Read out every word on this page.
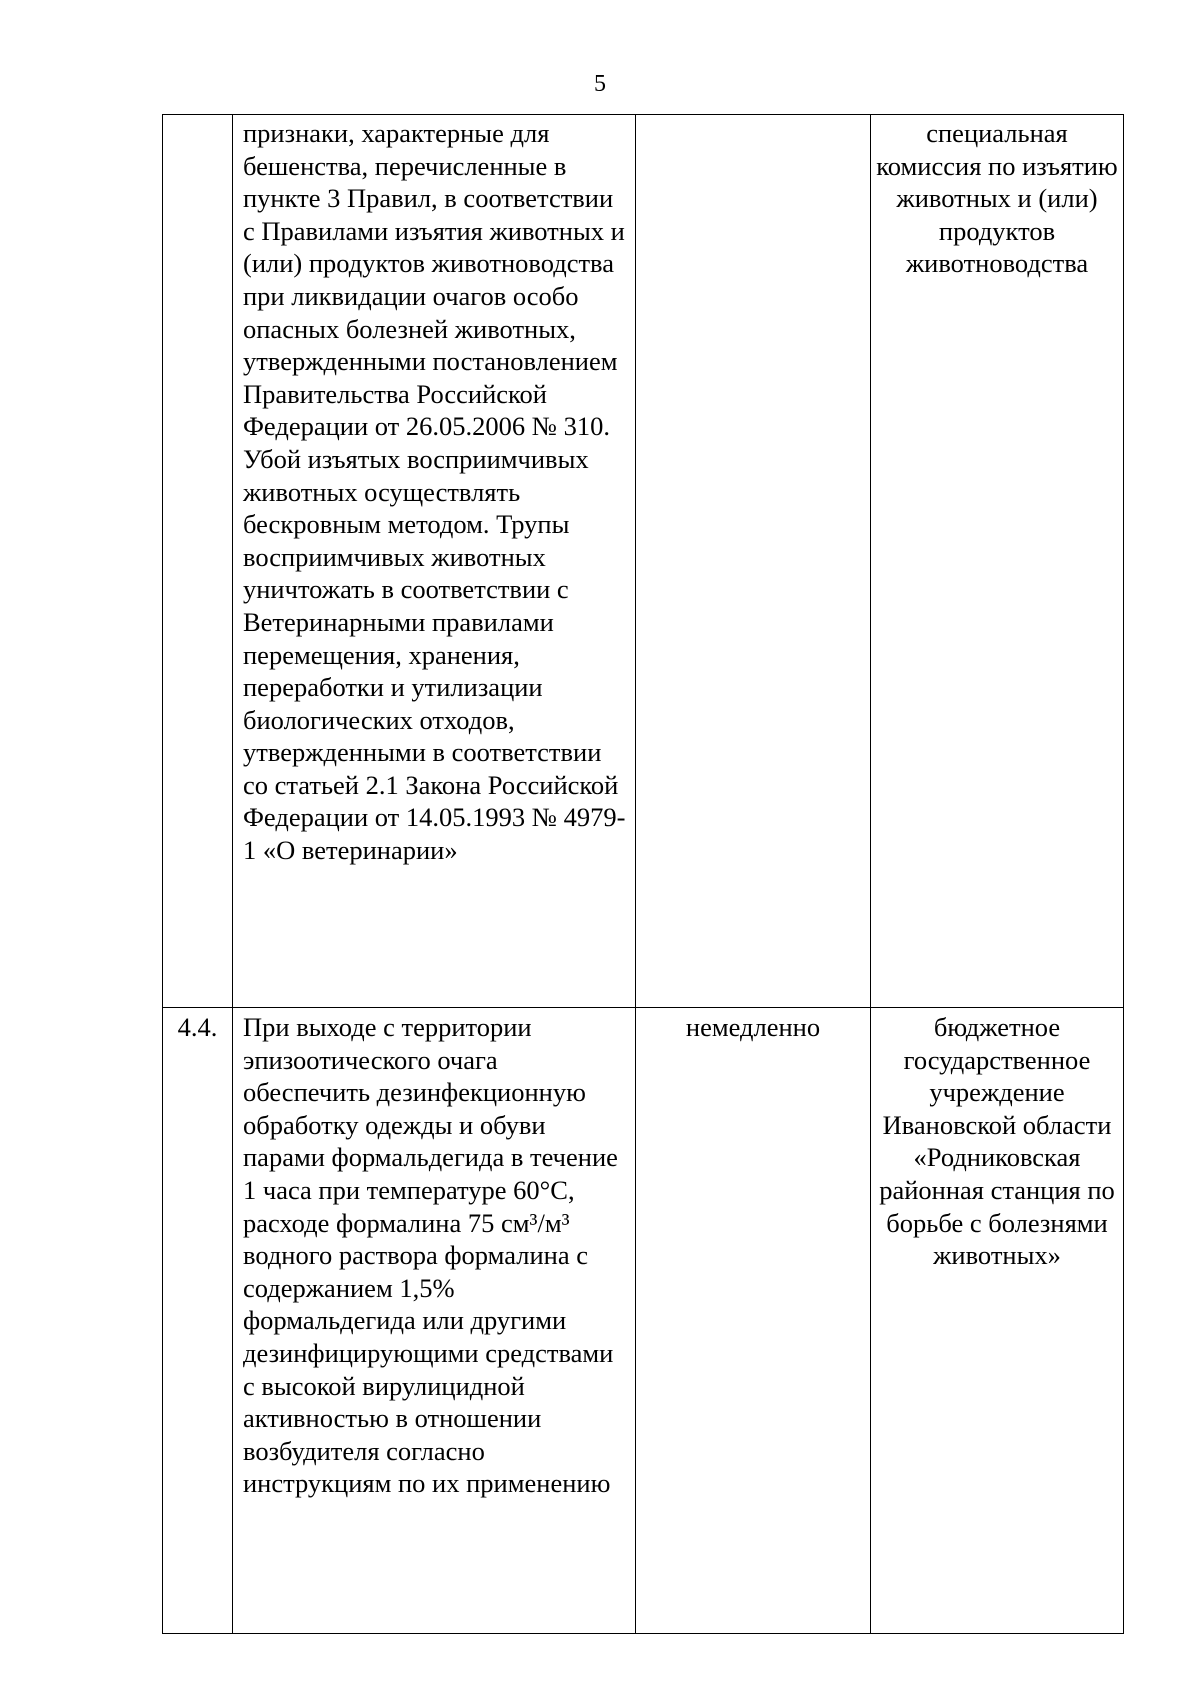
5

	признаки, характерные для бешенства, перечисленные в пункте 3 Правил, в соответствии с Правилами изъятия животных и (или) продуктов животноводства при ликвидации очагов особо опасных болезней животных, утвержденными постановлением Правительства Российской Федерации от 26.05.2006 № 310.
Убой изъятых восприимчивых животных осуществлять бескровным методом. Трупы восприимчивых животных уничтожать в соответствии с Ветеринарными правилами перемещения, хранения, переработки и утилизации биологических отходов, утвержденными в соответствии со статьей 2.1 Закона Российской Федерации от 14.05.1993 № 4979-1 «О ветеринарии»		специальная комиссия по изъятию животных и (или) продуктов животноводства
4.4.	При выходе с территории эпизоотического очага обеспечить дезинфекционную обработку одежды и обуви парами формальдегида в течение 1 часа при температуре 60°С, расходе формалина 75 см³/м³ водного раствора формалина с содержанием 1,5% формальдегида или другими дезинфицирующими средствами с высокой вирулицидной активностью в отношении возбудителя согласно инструкциям по их применению	немедленно	бюджетное государственное учреждение Ивановской области «Родниковская районная станция по борьбе с болезнями животных»
